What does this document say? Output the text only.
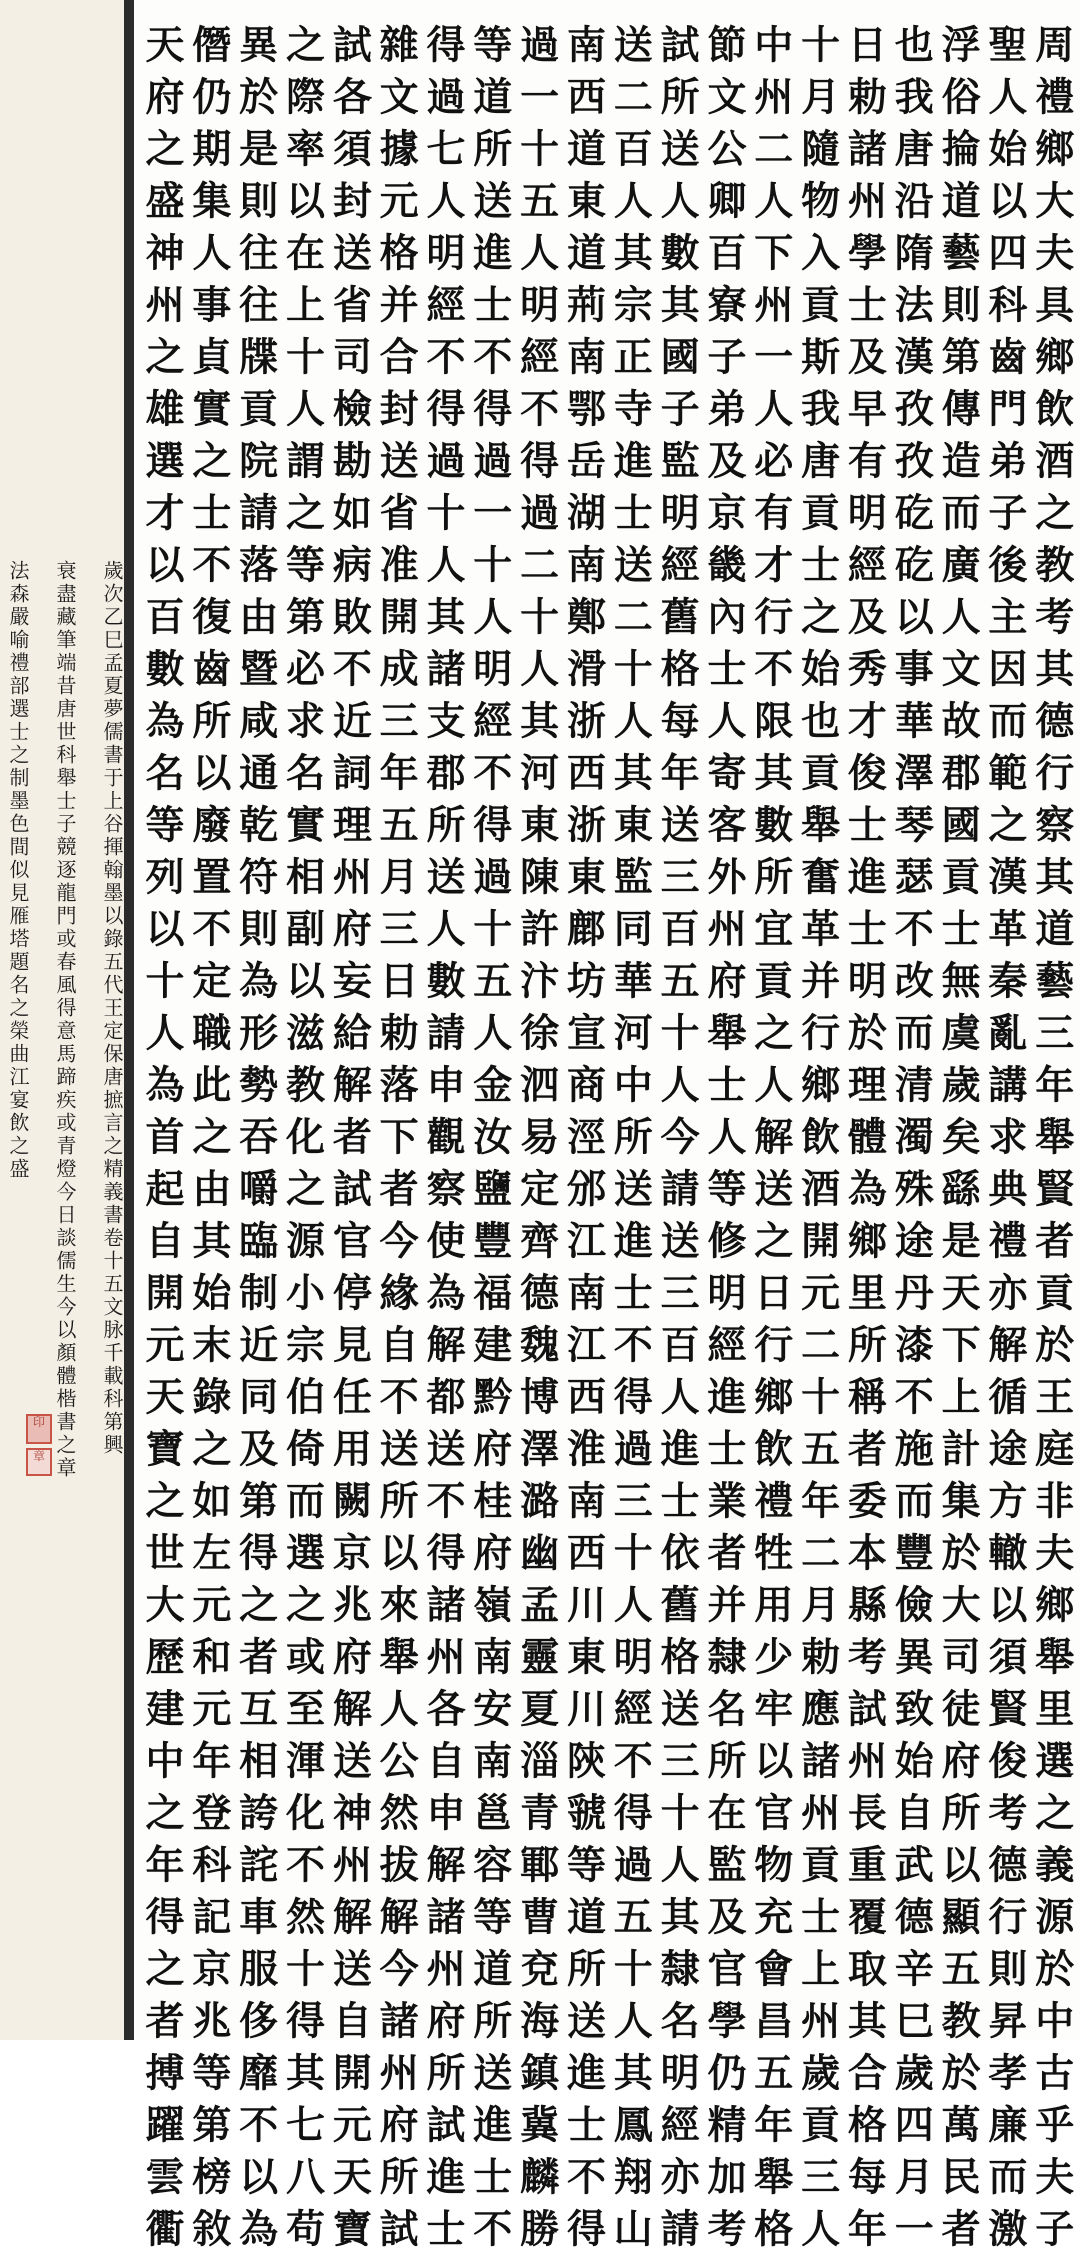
周禮鄉大夫具鄉飲酒之教考其德行察其道藝三年舉賢者貢於王庭非夫鄉舉里選之義源於中古乎夫子
聖人始以四科齒門弟子後主因而範之漢革秦亂講求典禮亦解循途方轍以須賢俊考德行則昇孝廉而激
浮俗掄道藝則第傳造而廣人文故郡國貢士無虞歲矣繇是天下上計集於大司徒府所以顯五教於萬民者
也我唐沿隋法漢孜孜矻矻以事華澤琴瑟不改而清濁殊途丹漆不施而豐儉異致始自武德辛巳歲四月一
日勅諸州學士及早有明經及秀才俊士進士明於理體為鄉里所稱者委本縣考試州長重覆取其合格每年
十月隨物入貢斯我唐貢士之始也貢舉奮革并行鄉飲酒開元二十五年二月勅應諸州貢士上州歲貢三人
中州二人下州一人必有才行不限其數所宜貢之人解送之日行鄉飲禮牲用少牢以官物充會昌五年舉格
節文公卿百寮子弟及京畿內士人寄客外州府舉士人等修明經進士業者并隸名所在監及官學仍精加考
試所送人數其國子監明經舊格每年送三百五十人今請送三百人進士依舊格送三十人其隸名明經亦請
送二百人其宗正寺進士送二十人其東監同華河中所送進士不得過三十人明經不得過五十人其鳳翔山
南西道東道荊南鄂岳湖南鄭滑浙西浙東鄜坊宣商涇邠江南江西淮南西川東川陝虢等道所送進士不得
過一十五人明經不得過二十人其河東陳許汴徐泗易定齊德魏博澤潞幽孟靈夏淄青鄆曹兗海鎮冀麟勝
等道所送進士不得過一十人明經不得過十五人金汝鹽豐福建黔府桂府嶺南安南邕容等道所送進士不
得過七人明經不得過十人其諸支郡所送人數請申觀察使為解都送不得諸州各自申解諸州府所試進士
雜文據元格并合封送省准開成三年五月三日勅落下者今緣自不送所以來舉人公然拔解今諸州府所試
試各須封送省司檢勘如病敗不近詞理州府妄給解者試官停見任用闕京兆府解送神州解送自開元天寶
之際率以在上十人謂之等第必求名實相副以滋教化之源小宗伯倚而選之或至渾化不然十得其七八苟
異於是則往往牒貢院請落由暨咸通乾符則為形勢吞嚼臨制近同及第得之者互相誇詫車服侈靡不以為
僭仍期集人事貞實之士不復齒所以廢置不定職此之由其始末錄之如左元和元年登科記京兆等第榜敘
天府之盛神州之雄選才以百數為名等列以十人為首起自開元天寶之世大歷建中之年得之者搏躍雲衢
歲次乙巳孟夏夢儒書于上谷揮翰墨以錄五代王定保唐摭言之精義書卷十五文脉千載科第興
衰盡藏筆端昔唐世科舉士子競逐龍門或春風得意馬蹄疾或青燈今日談儒生今以顏體楷書之章
法森嚴喻禮部選士之制墨色間似見雁塔題名之榮曲江宴飲之盛
印
章
